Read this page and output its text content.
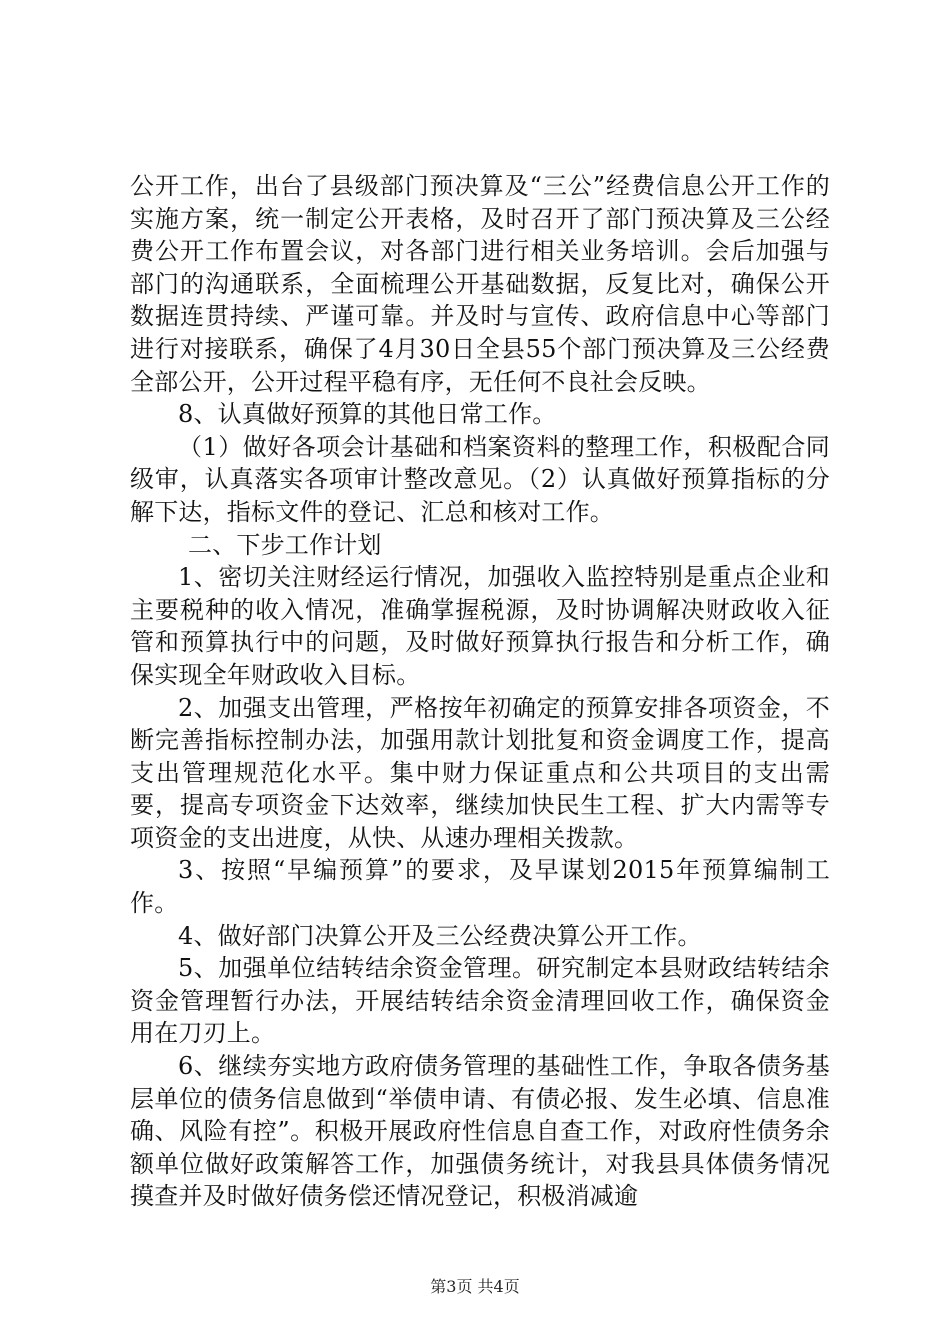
公开工作，出台了县级部门预决算及“三公”经费信息公开工作的实施方案，统一制定公开表格，及时召开了部门预决算及三公经费公开工作布置会议，对各部门进行相关业务培训。会后加强与部门的沟通联系，全面梳理公开基础数据，反复比对，确保公开数据连贯持续、严谨可靠。并及时与宣传、政府信息中心等部门进行对接联系，确保了4月30日全县55个部门预决算及三公经费全部公开，公开过程平稳有序，无任何不良社会反映。

8、认真做好预算的其他日常工作。

（1）做好各项会计基础和档案资料的整理工作，积极配合同级审，认真落实各项审计整改意见。（2）认真做好预算指标的分解下达，指标文件的登记、汇总和核对工作。

二、下步工作计划

1、密切关注财经运行情况，加强收入监控特别是重点企业和主要税种的收入情况，准确掌握税源，及时协调解决财政收入征管和预算执行中的问题，及时做好预算执行报告和分析工作，确保实现全年财政收入目标。

2、加强支出管理，严格按年初确定的预算安排各项资金，不断完善指标控制办法，加强用款计划批复和资金调度工作，提高支出管理规范化水平。集中财力保证重点和公共项目的支出需要，提高专项资金下达效率，继续加快民生工程、扩大内需等专项资金的支出进度，从快、从速办理相关拨款。

3、按照“早编预算”的要求，及早谋划2015年预算编制工作。

4、做好部门决算公开及三公经费决算公开工作。

5、加强单位结转结余资金管理。研究制定本县财政结转结余资金管理暂行办法，开展结转结余资金清理回收工作，确保资金用在刀刃上。

6、继续夯实地方政府债务管理的基础性工作，争取各债务基层单位的债务信息做到“举债申请、有债必报、发生必填、信息准确、风险有控”。积极开展政府性信息自查工作，对政府性债务余额单位做好政策解答工作，加强债务统计，对我县具体债务情况摸查并及时做好债务偿还情况登记，积极消减逾

第3页 共4页
